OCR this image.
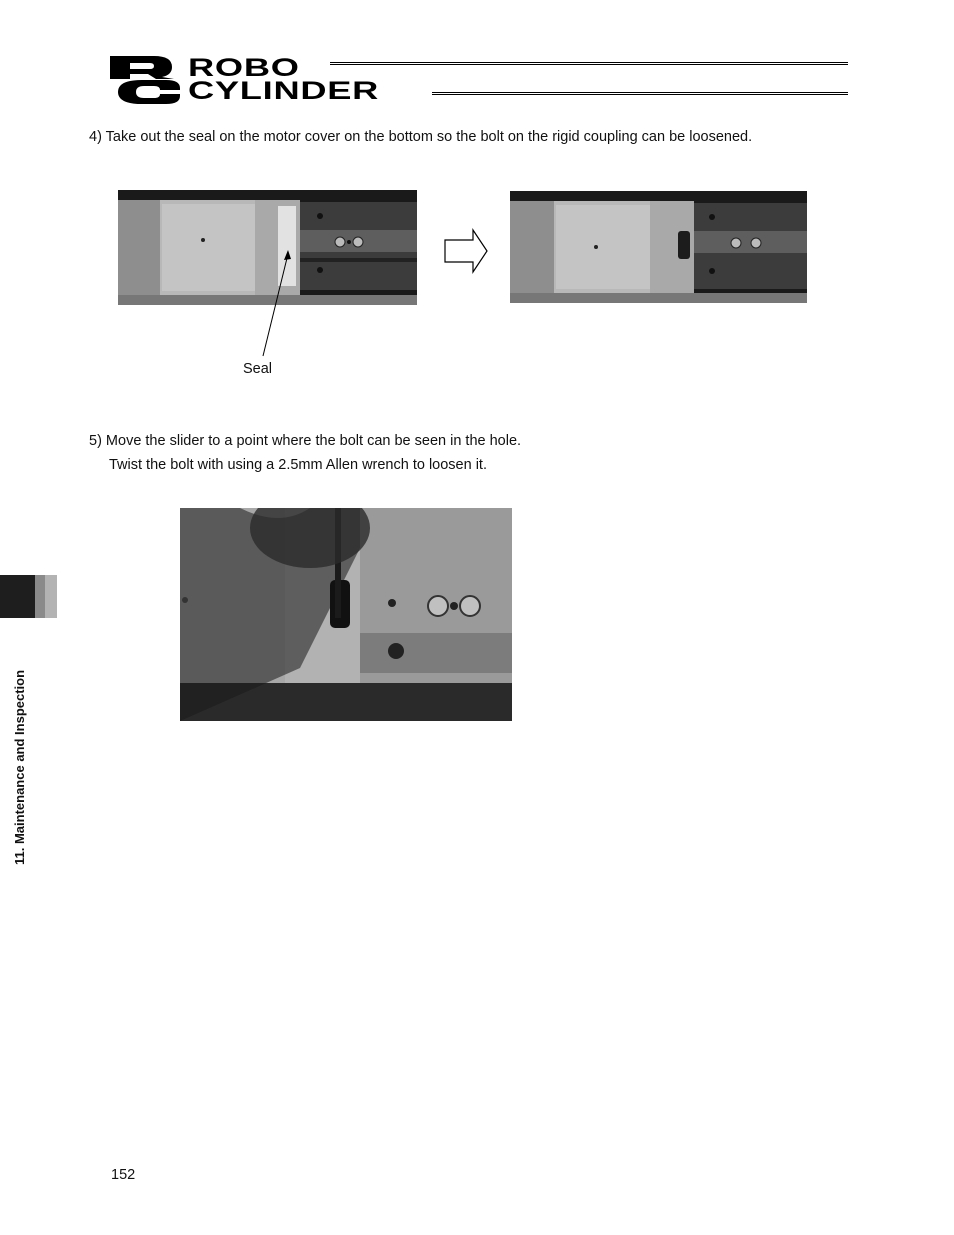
ROBO
CYLINDER
4) Take out the seal on the motor cover on the bottom so the bolt on the rigid coupling can be loosened.
Seal
5) Move the slider to a point where the bolt can be seen in the hole.
Twist the bolt with using a 2.5mm Allen wrench to loosen it.
11. Maintenance and Inspection
152
